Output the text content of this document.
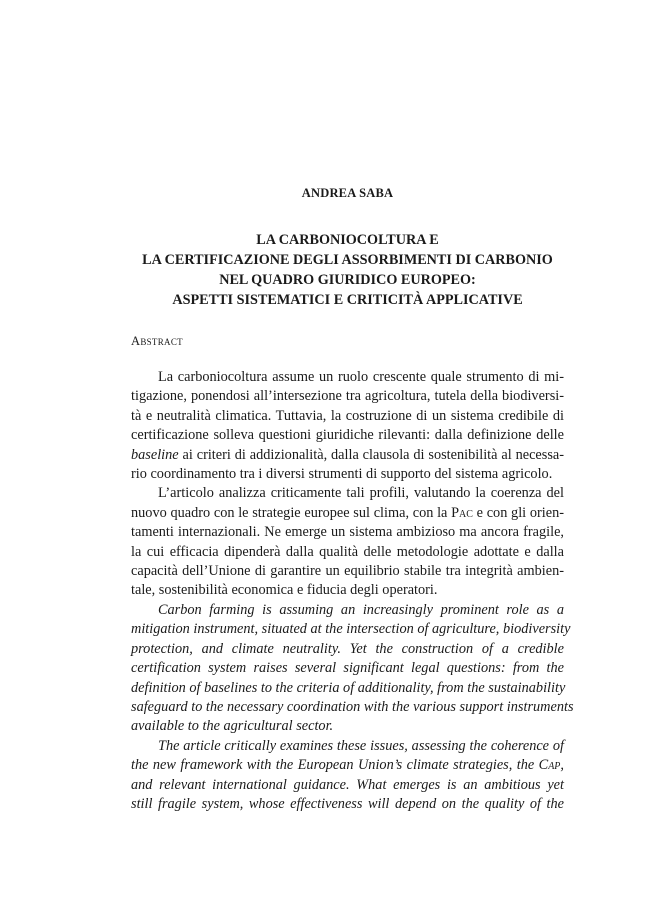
ANDREA SABA
LA CARBONIOCOLTURA E
LA CERTIFICAZIONE DEGLI ASSORBIMENTI DI CARBONIO
NEL QUADRO GIURIDICO EUROPEO:
ASPETTI SISTEMATICI E CRITICITÀ APPLICATIVE
Abstract
La carboniocoltura assume un ruolo crescente quale strumento di mi-
tigazione, ponendosi all’intersezione tra agricoltura, tutela della biodiversi-
tà e neutralità climatica. Tuttavia, la costruzione di un sistema credibile di
certificazione solleva questioni giuridiche rilevanti: dalla definizione delle
baseline ai criteri di addizionalità, dalla clausola di sostenibilità al necessa-
rio coordinamento tra i diversi strumenti di supporto del sistema agricolo.
L’articolo analizza criticamente tali profili, valutando la coerenza del
nuovo quadro con le strategie europee sul clima, con la Pac e con gli orien-
tamenti internazionali. Ne emerge un sistema ambizioso ma ancora fragile,
la cui efficacia dipenderà dalla qualità delle metodologie adottate e dalla
capacità dell’Unione di garantire un equilibrio stabile tra integrità ambien-
tale, sostenibilità economica e fiducia degli operatori.
Carbon farming is assuming an increasingly prominent role as a
mitigation instrument, situated at the intersection of agriculture, biodiversity
protection, and climate neutrality. Yet the construction of a credible
certification system raises several significant legal questions: from the
definition of baselines to the criteria of additionality, from the sustainability
safeguard to the necessary coordination with the various support instruments
available to the agricultural sector.
The article critically examines these issues, assessing the coherence of
the new framework with the European Union’s climate strategies, the Cap,
and relevant international guidance. What emerges is an ambitious yet
still fragile system, whose effectiveness will depend on the quality of the
